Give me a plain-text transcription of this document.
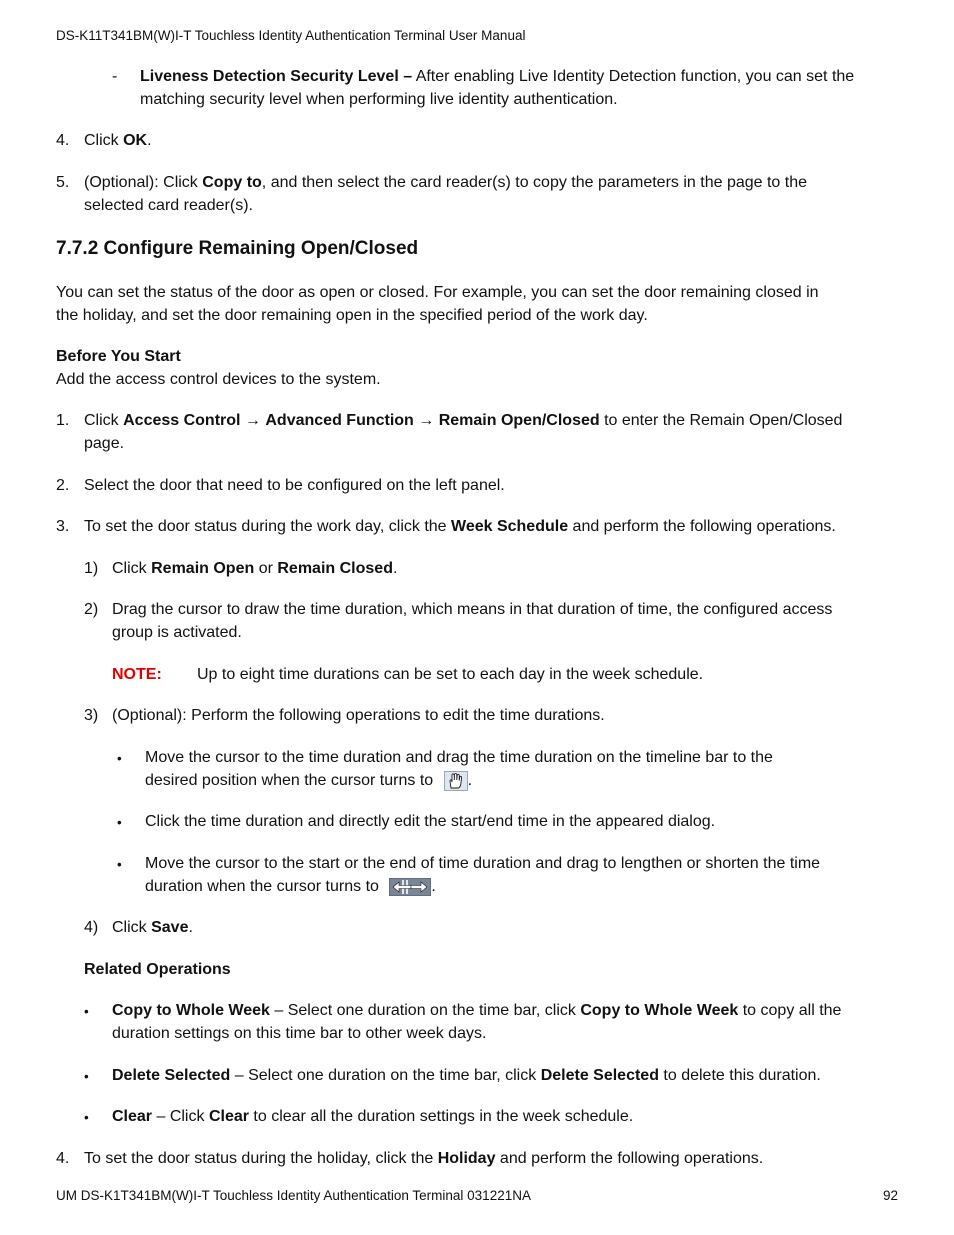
DS-K11T341BM(W)I-T Touchless Identity Authentication Terminal User Manual
- Liveness Detection Security Level – After enabling Live Identity Detection function, you can set the
matching security level when performing live identity authentication.
4. Click OK.
5. (Optional): Click Copy to, and then select the card reader(s) to copy the parameters in the page to the
selected card reader(s).
7.7.2 Configure Remaining Open/Closed
You can set the status of the door as open or closed. For example, you can set the door remaining closed in
the holiday, and set the door remaining open in the specified period of the work day.
Before You Start
Add the access control devices to the system.
1. Click Access Control → Advanced Function → Remain Open/Closed to enter the Remain Open/Closed
page.
2. Select the door that need to be configured on the left panel.
3. To set the door status during the work day, click the Week Schedule and perform the following operations.
1) Click Remain Open or Remain Closed.
2) Drag the cursor to draw the time duration, which means in that duration of time, the configured access
group is activated.
NOTE: Up to eight time durations can be set to each day in the week schedule.
3) (Optional): Perform the following operations to edit the time durations.
• Move the cursor to the time duration and drag the time duration on the timeline bar to the
desired position when the cursor turns to .
• Click the time duration and directly edit the start/end time in the appeared dialog.
• Move the cursor to the start or the end of time duration and drag to lengthen or shorten the time
duration when the cursor turns to	.
4) Click Save.
Related Operations
• Copy to Whole Week – Select one duration on the time bar, click Copy to Whole Week to copy all the
duration settings on this time bar to other week days.
• Delete Selected – Select one duration on the time bar, click Delete Selected to delete this duration.
• Clear – Click Clear to clear all the duration settings in the week schedule.
4. To set the door status during the holiday, click the Holiday and perform the following operations.
UM DS-K1T341BM(W)I-T Touchless Identity Authentication Terminal 031221NA	92
